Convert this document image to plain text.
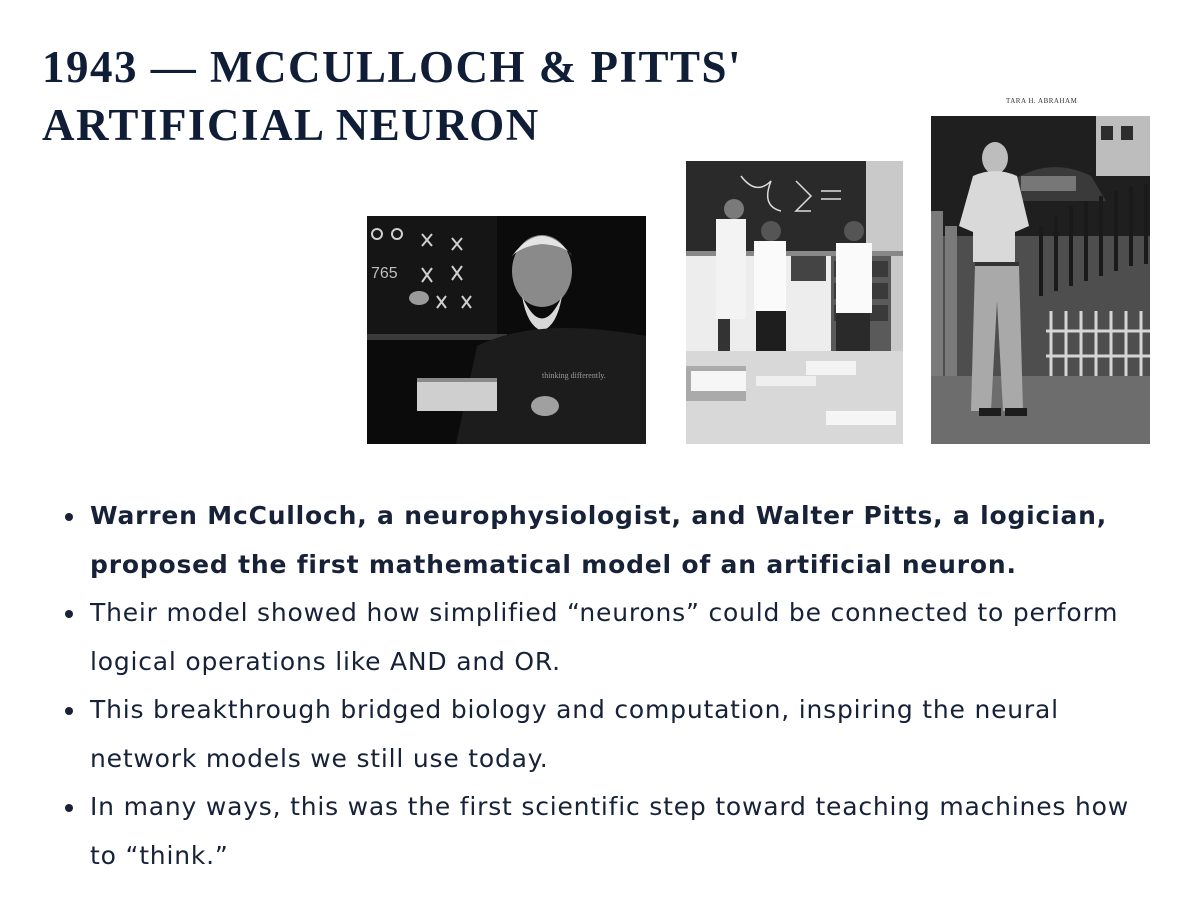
1943 — MCCULLOCH & PITTS' ARTIFICIAL NEURON
765
thinking differently.
TARA H. ABRAHAM
Warren McCulloch, a neurophysiologist, and Walter Pitts, a logician, proposed the first mathematical model of an artificial neuron.
Their model showed how simplified “neurons” could be connected to perform logical operations like AND and OR.
This breakthrough bridged biology and computation, inspiring the neural network models we still use today.
In many ways, this was the first scientific step toward teaching machines how to “think.”
